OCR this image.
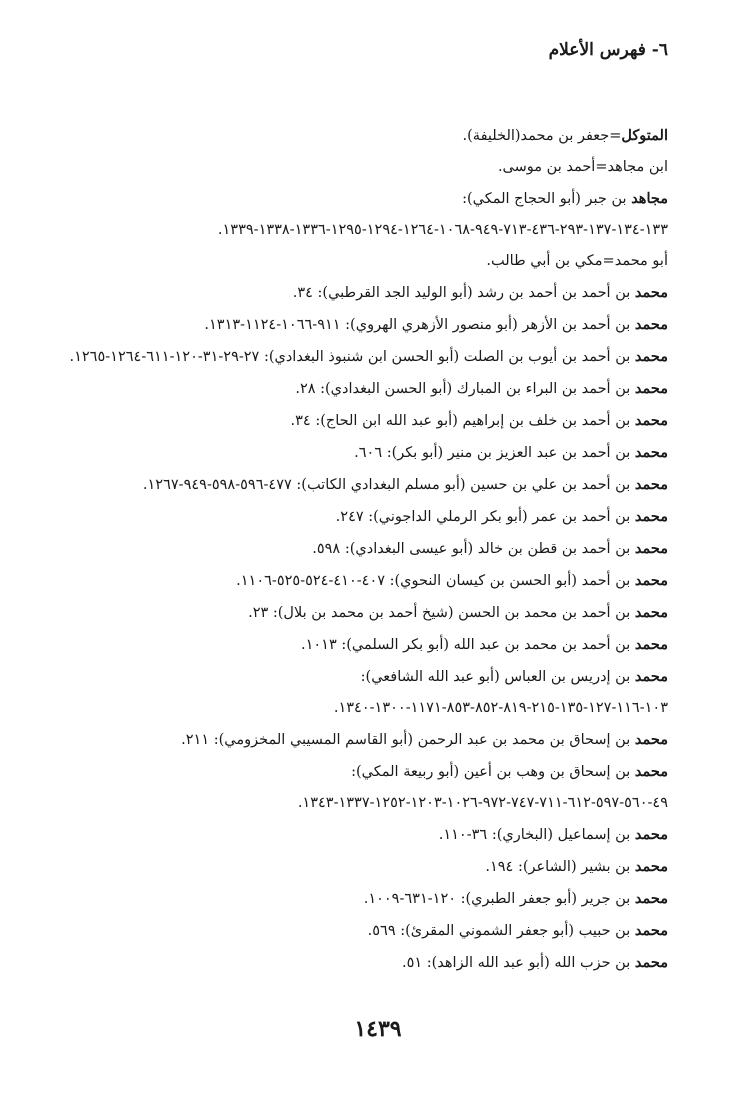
٦- فهرس الأعلام
المتوكل=جعفر بن محمد(الخليفة).
ابن مجاهد=أحمد بن موسى.
مجاهد بن جبر (أبو الحجاج المكي): ١٣٣-١٣٤-١٣٧-٢٩٣-٤٣٦-٧١٣-٩٤٩-١٠٦٨-١٢٦٤-١٢٩٤-١٢٩٥-١٣٣٦-١٣٣٨-١٣٣٩.
أبو محمد=مكي بن أبي طالب.
محمد بن أحمد بن أحمد بن رشد (أبو الوليد الجد القرطبي): ٣٤.
محمد بن أحمد بن الأزهر (أبو منصور الأزهري الهروي): ٩١١-١٠٦٦-١١٢٤-١٣١٣.
محمد بن أحمد بن أيوب بن الصلت (أبو الحسن ابن شنبوذ البغدادي): ٢٧-٢٩-٣١-١٢٠-٦١١-١٢٦٤-١٢٦٥.
محمد بن أحمد بن البراء بن المبارك (أبو الحسن البغدادي): ٢٨.
محمد بن أحمد بن خلف بن إبراهيم (أبو عبد الله ابن الحاج): ٣٤.
محمد بن أحمد بن عبد العزيز بن منير (أبو بكر): ٦٠٦.
محمد بن أحمد بن علي بن حسين (أبو مسلم البغدادي الكاتب): ٤٧٧-٥٩٦-٥٩٨-٩٤٩-١٢٦٧.
محمد بن أحمد بن عمر (أبو بكر الرملي الداجوني): ٢٤٧.
محمد بن أحمد بن قطن بن خالد (أبو عيسى البغدادي): ٥٩٨.
محمد بن أحمد (أبو الحسن بن كيسان النحوي): ٤٠٧-٤١٠-٥٢٤-٥٢٥-١١٠٦.
محمد بن أحمد بن محمد بن الحسن (شيخ أحمد بن محمد بن بلال): ٢٣.
محمد بن أحمد بن محمد بن عبد الله (أبو بكر السلمي): ١٠١٣.
محمد بن إدريس بن العباس (أبو عبد الله الشافعي): ١٠٣-١١٦-١٢٧-١٣٥-٢١٥-٨١٩-٨٥٢-٨٥٣-١١٧١-١٣٠٠-١٣٤٠.
محمد بن إسحاق بن محمد بن عبد الرحمن (أبو القاسم المسيبي المخزومي): ٢١١.
محمد بن إسحاق بن وهب بن أعين (أبو ربيعة المكي): ٤٩-٥٦٠-٥٩٧-٦١٢-٧١١-٧٤٧-٩٧٢-١٠٢٦-١٢٠٣-١٢٥٢-١٣٣٧-١٣٤٣.
محمد بن إسماعيل (البخاري): ٣٦-١١٠.
محمد بن بشير (الشاعر): ١٩٤.
محمد بن جرير (أبو جعفر الطبري): ١٢٠-٦٣١-١٠٠٩.
محمد بن حبيب (أبو جعفر الشموني المقرئ): ٥٦٩.
محمد بن حزب الله (أبو عبد الله الزاهد): ٥١.
١٤٣٩
